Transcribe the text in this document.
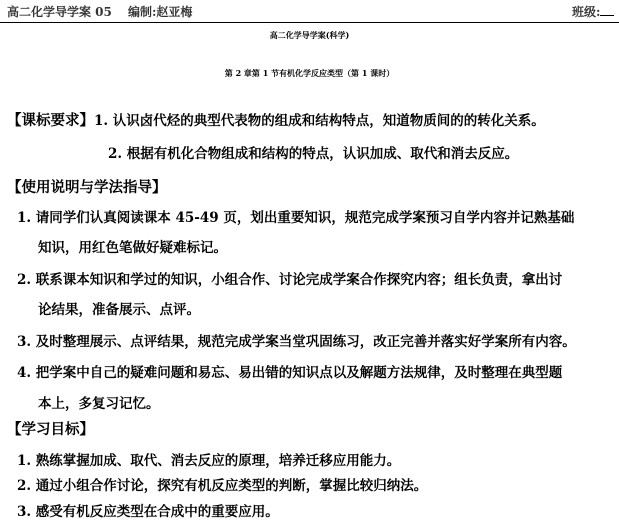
高二化学导学案 05 编制:赵亚梅	班级:
高二化学导学案(科学)
第 2 章第 1 节有机化学反应类型（第 1 课时）
【课标要求】1. 认识卤代烃的典型代表物的组成和结构特点，知道物质间的的转化关系。
2. 根据有机化合物组成和结构的特点，认识加成、取代和消去反应。
【使用说明与学法指导】
1. 请同学们认真阅读课本 45-49 页，划出重要知识，规范完成学案预习自学内容并记熟基础
知识，用红色笔做好疑难标记。
2. 联系课本知识和学过的知识，小组合作、讨论完成学案合作探究内容；组长负责，拿出讨
论结果，准备展示、点评。
3. 及时整理展示、点评结果，规范完成学案当堂巩固练习，改正完善并落实好学案所有内容。
4. 把学案中自己的疑难问题和易忘、易出错的知识点以及解题方法规律，及时整理在典型题
本上，多复习记忆。
【学习目标】
1. 熟练掌握加成、取代、消去反应的原理，培养迁移应用能力。
2. 通过小组合作讨论，探究有机反应类型的判断，掌握比较归纳法。
3. 感受有机反应类型在合成中的重要应用。
